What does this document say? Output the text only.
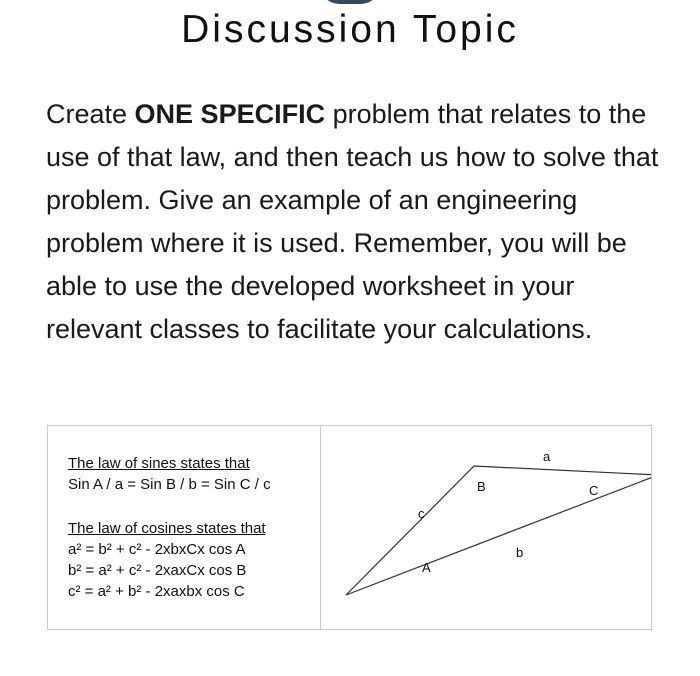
Discussion Topic
Create ONE SPECIFIC problem that relates to the use of that law, and then teach us how to solve that problem. Give an example of an engineering problem where it is used. Remember, you will be able to use the developed worksheet in your relevant classes to facilitate your calculations.
The law of sines states that
Sin A / a = Sin B / b = Sin C / c
The law of cosines states that
a² = b² + c² - 2xbxCx cos A
b² = a² + c² - 2xaxCx cos B
c² = a² + b² - 2xaxbx cos C
a
b
c
A
B	C
